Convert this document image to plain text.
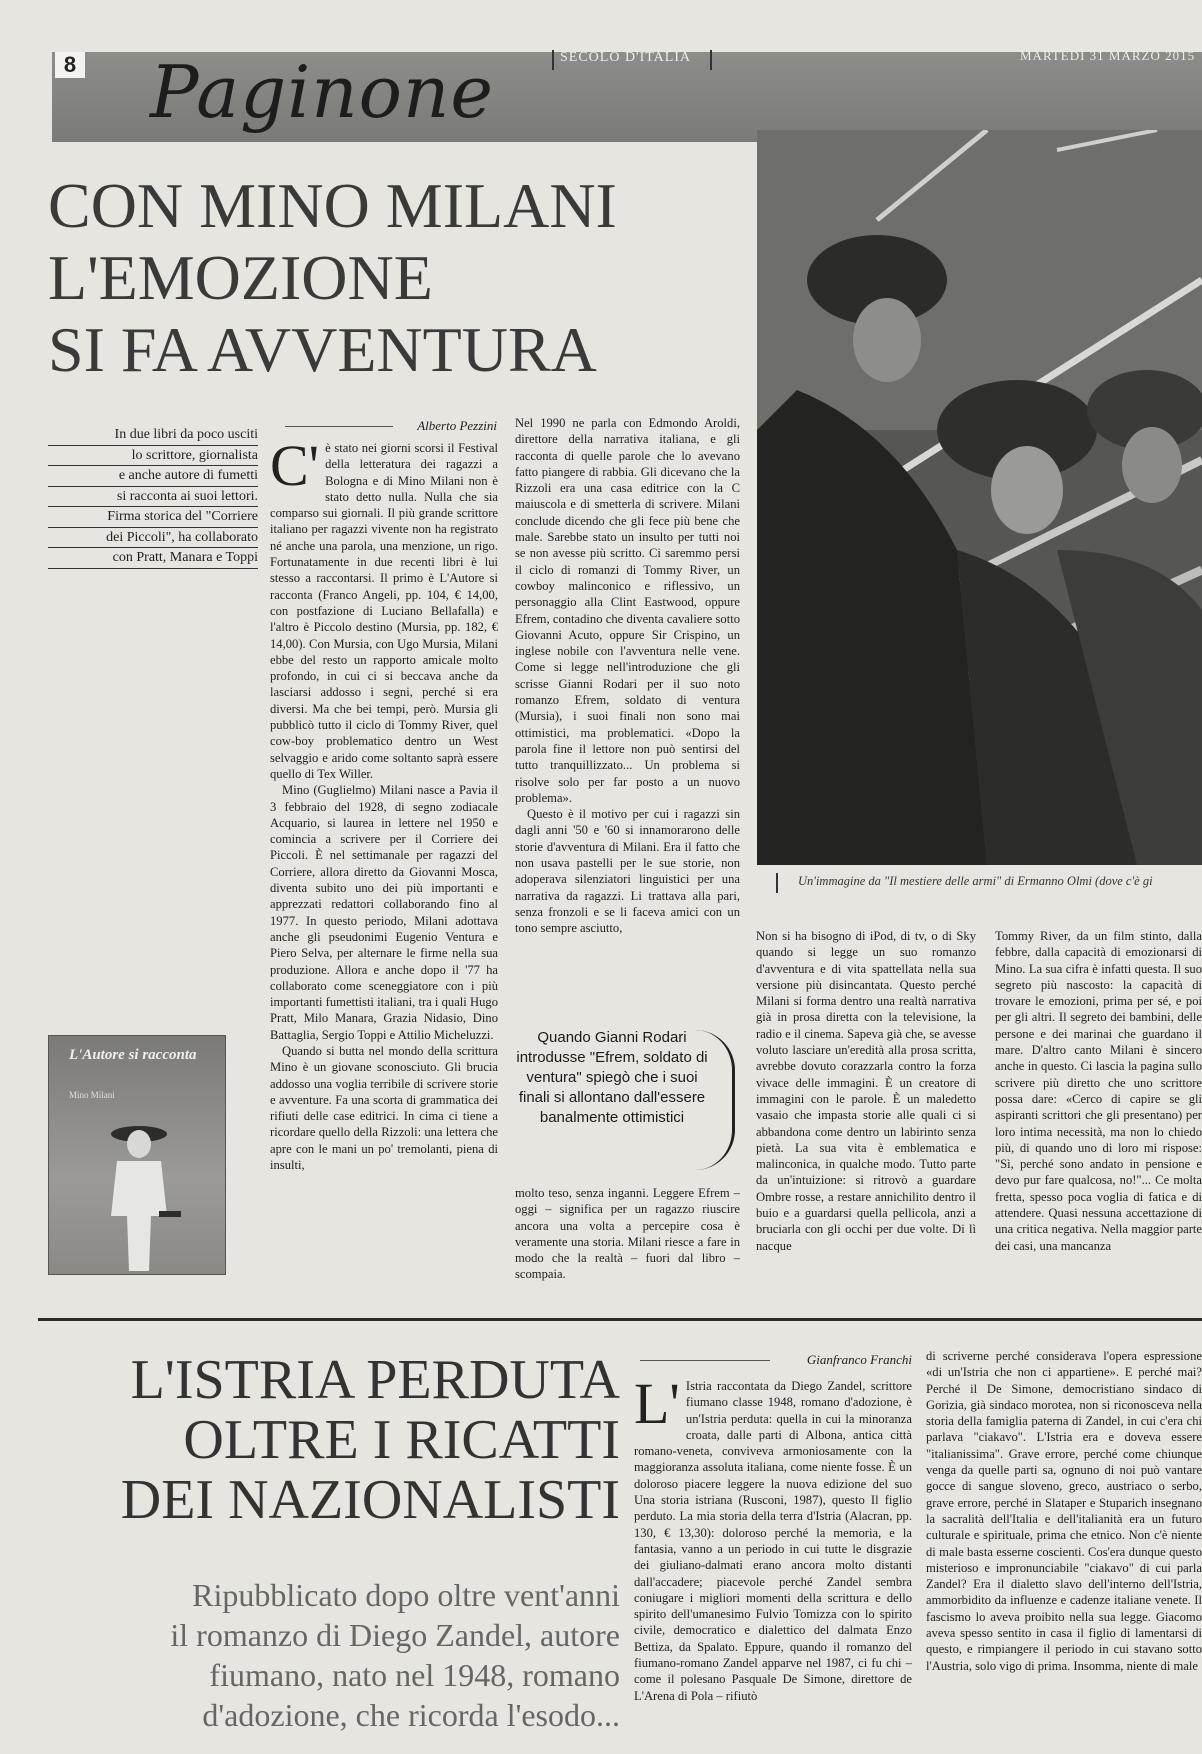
8 Paginone	SECOLO D'ITALIA	MARTEDÌ 31 MARZO 2015
CON MINO MILANI
L'EMOZIONE
SI FA AVVENTURA
Un'immagine da "Il mestiere delle armi" di Ermanno Olmi (dove c'è gi
In due libri da poco usciti
lo scrittore, giornalista
e anche autore di fumetti
si racconta ai suoi lettori.
Firma storica del "Corriere
dei Piccoli", ha collaborato
con Pratt, Manara e Toppi
Alberto Pezzini

C' è stato nei giorni scorsi il Festival della letteratura dei ragazzi a Bologna e di Mino Milani non è stato detto nulla. Nulla che sia comparso sui giornali. Il più grande scrittore italiano per ragazzi vivente non ha registrato né anche una parola, una menzione, un rigo. Fortunatamente in due recenti libri è lui stesso a raccontarsi. Il primo è L'Autore si racconta (Franco Angeli, pp. 104, € 14,00, con postfazione di Luciano Bellafalla) e l'altro è Piccolo destino (Mursia, pp. 182, € 14,00). Con Mursia, con Ugo Mursia, Milani ebbe del resto un rapporto amicale molto profondo, in cui ci si beccava anche da lasciarsi addosso i segni, perché si era diversi. Ma che bei tempi, però. Mursia gli pubblicò tutto il ciclo di Tommy River, quel cow-boy problematico dentro un West selvaggio e arido come soltanto saprà essere quello di Tex Willer.

Mino (Guglielmo) Milani nasce a Pavia il 3 febbraio del 1928, di segno zodiacale Acquario, si laurea in lettere nel 1950 e comincia a scrivere per il Corriere dei Piccoli. È nel settimanale per ragazzi del Corriere, allora diretto da Giovanni Mosca, diventa subito uno dei più importanti e apprezzati redattori collaborando fino al 1977. In questo periodo, Milani adottava anche gli pseudonimi Eugenio Ventura e Piero Selva, per alternare le firme nella sua produzione. Allora e anche dopo il '77 ha collaborato come sceneggiatore con i più importanti fumettisti italiani, tra i quali Hugo Pratt, Milo Manara, Grazia Nidasio, Dino Battaglia, Sergio Toppi e Attilio Micheluzzi.

Quando si butta nel mondo della scrittura Mino è un giovane sconosciuto. Gli brucia addosso una voglia terribile di scrivere storie e avventure. Fa una scorta di grammatica dei rifiuti delle case editrici. In cima ci tiene a ricordare quello della Rizzoli: una lettera che apre con le mani un po' tremolanti, piena di insulti,

L'Autore si racconta
Mino Milani

Nel 1990 ne parla con Edmondo Aroldi, direttore della narrativa italiana, e gli racconta di quelle parole che lo avevano fatto piangere di rabbia. Gli dicevano che la Rizzoli era una casa editrice con la C maiuscola e di smetterla di scrivere. Milani conclude dicendo che gli fece più bene che male. Sarebbe stato un insulto per tutti noi se non avesse più scritto. Ci saremmo persi il ciclo di romanzi di Tommy River, un cowboy malinconico e riflessivo, un personaggio alla Clint Eastwood, oppure Efrem, contadino che diventa cavaliere sotto Giovanni Acuto, oppure Sir Crispino, un inglese nobile con l'avventura nelle vene. Come si legge nell'introduzione che gli scrisse Gianni Rodari per il suo noto romanzo Efrem, soldato di ventura (Mursia), i suoi finali non sono mai ottimistici, ma problematici. «Dopo la parola fine il lettore non può sentirsi del tutto tranquillizzato... Un problema si risolve solo per far posto a un nuovo problema».

Questo è il motivo per cui i ragazzi sin dagli anni '50 e '60 si innamorarono delle storie d'avventura di Milani. Era il fatto che non usava pastelli per le sue storie, non adoperava silenziatori linguistici per una narrativa da ragazzi. Li trattava alla pari, senza fronzoli e se li faceva amici con un tono sempre asciutto,

Quando Gianni Rodari introdusse "Efrem, soldato di ventura" spiegò che i suoi finali si allontano dall'essere banalmente ottimistici

molto teso, senza inganni. Leggere Efrem – oggi – significa per un ragazzo riuscire ancora una volta a percepire cosa è veramente una storia. Milani riesce a fare in modo che la realtà – fuori dal libro – scompaia.

Non si ha bisogno di iPod, di tv, o di Sky quando si legge un suo romanzo d'avventura e di vita spattellata nella sua versione più disincantata. Questo perché Milani si forma dentro una realtà narrativa già in prosa diretta con la televisione, la radio e il cinema. Sapeva già che, se avesse voluto lasciare un'eredità alla prosa scritta, avrebbe dovuto corazzarla contro la forza vivace delle immagini. È un creatore di immagini con le parole. È un maledetto vasaio che impasta storie alle quali ci si abbandona come dentro un labirinto senza pietà. La sua vita è emblematica e malinconica, in qualche modo. Tutto parte da un'intuizione: si ritrovò a guardare Ombre rosse, a restare annichilito dentro il buio e a guardarsi quella pellicola, anzi a bruciarla con gli occhi per due volte. Di lì nacque

Tommy River, da un film stinto, dalla febbre, dalla capacità di emozionarsi di Mino. La sua cifra è infatti questa. Il suo segreto più nascosto: la capacità di trovare le emozioni, prima per sé, e poi per gli altri. Il segreto dei bambini, delle persone e dei marinai che guardano il mare. D'altro canto Milani è sincero anche in questo. Ci lascia la pagina sullo scrivere più diretto che uno scrittore possa dare: «Cerco di capire se gli aspiranti scrittori che gli presentano) per loro intima necessità, ma non lo chiedo più, di quando uno di loro mi rispose: "Sì, perché sono andato in pensione e devo pur fare qualcosa, no!"... Ce molta fretta, spesso poca voglia di fatica e di attendere. Quasi nessuna accettazione di una critica negativa. Nella maggior parte dei casi, una mancanza

L'ISTRIA PERDUTA
OLTRE I RICATTI
DEI NAZIONALISTI
Ripubblicato dopo oltre vent'anni
il romanzo di Diego Zandel, autore
fiumano, nato nel 1948, romano
d'adozione, che ricorda l'esodo...
Gianfranco Franchi

L' Istria raccontata da Diego Zandel, scrittore fiumano classe 1948, romano d'adozione, è un'Istria perduta: quella in cui la minoranza croata, dalle parti di Albona, antica città romano-veneta, conviveva armoniosamente con la maggioranza assoluta italiana, come niente fosse. È un doloroso piacere leggere la nuova edizione del suo Una storia istriana (Rusconi, 1987), questo Il figlio perduto. La mia storia della terra d'Istria (Alacran, pp. 130, € 13,30): doloroso perché la memoria, e la fantasia, vanno a un periodo in cui tutte le disgrazie dei giuliano-dalmati erano ancora molto distanti dall'accadere; piacevole perché Zandel sembra coniugare i migliori momenti della scrittura e dello spirito dell'umanesimo Fulvio Tomizza con lo spirito civile, democratico e dialettico del dalmata Enzo Bettiza, da Spalato. Eppure, quando il romanzo del fiumano-romano Zandel apparve nel 1987, ci fu chi – come il polesano Pasquale De Simone, direttore de L'Arena di Pola – rifiutò

di scriverne perché considerava l'opera espressione «di un'Istria che non ci appartiene». E perché mai? Perché il De Simone, democristiano sindaco di Gorizia, già sindaco morotea, non si riconosceva nella storia della famiglia paterna di Zandel, in cui c'era chi parlava "ciakavo". L'Istria era e doveva essere "italianissima". Grave errore, perché come chiunque venga da quelle parti sa, ognuno di noi può vantare gocce di sangue sloveno, greco, austriaco o serbo, grave errore, perché in Slataper e Stuparich insegnano la sacralità dell'Italia e dell'italianità era un futuro culturale e spirituale, prima che etnico. Non c'è niente di male basta esserne coscienti. Cos'era dunque questo misterioso e impronunciabile "ciakavo" di cui parla Zandel? Era il dialetto slavo dell'interno dell'Istria, ammorbidito da influenze e cadenze italiane venete. Il fascismo lo aveva proibito nella sua legge. Giacomo aveva spesso sentito in casa il figlio di lamentarsi di questo, e rimpiangere il periodo in cui stavano sotto l'Austria, solo vigo di prima. Insomma, niente di male
